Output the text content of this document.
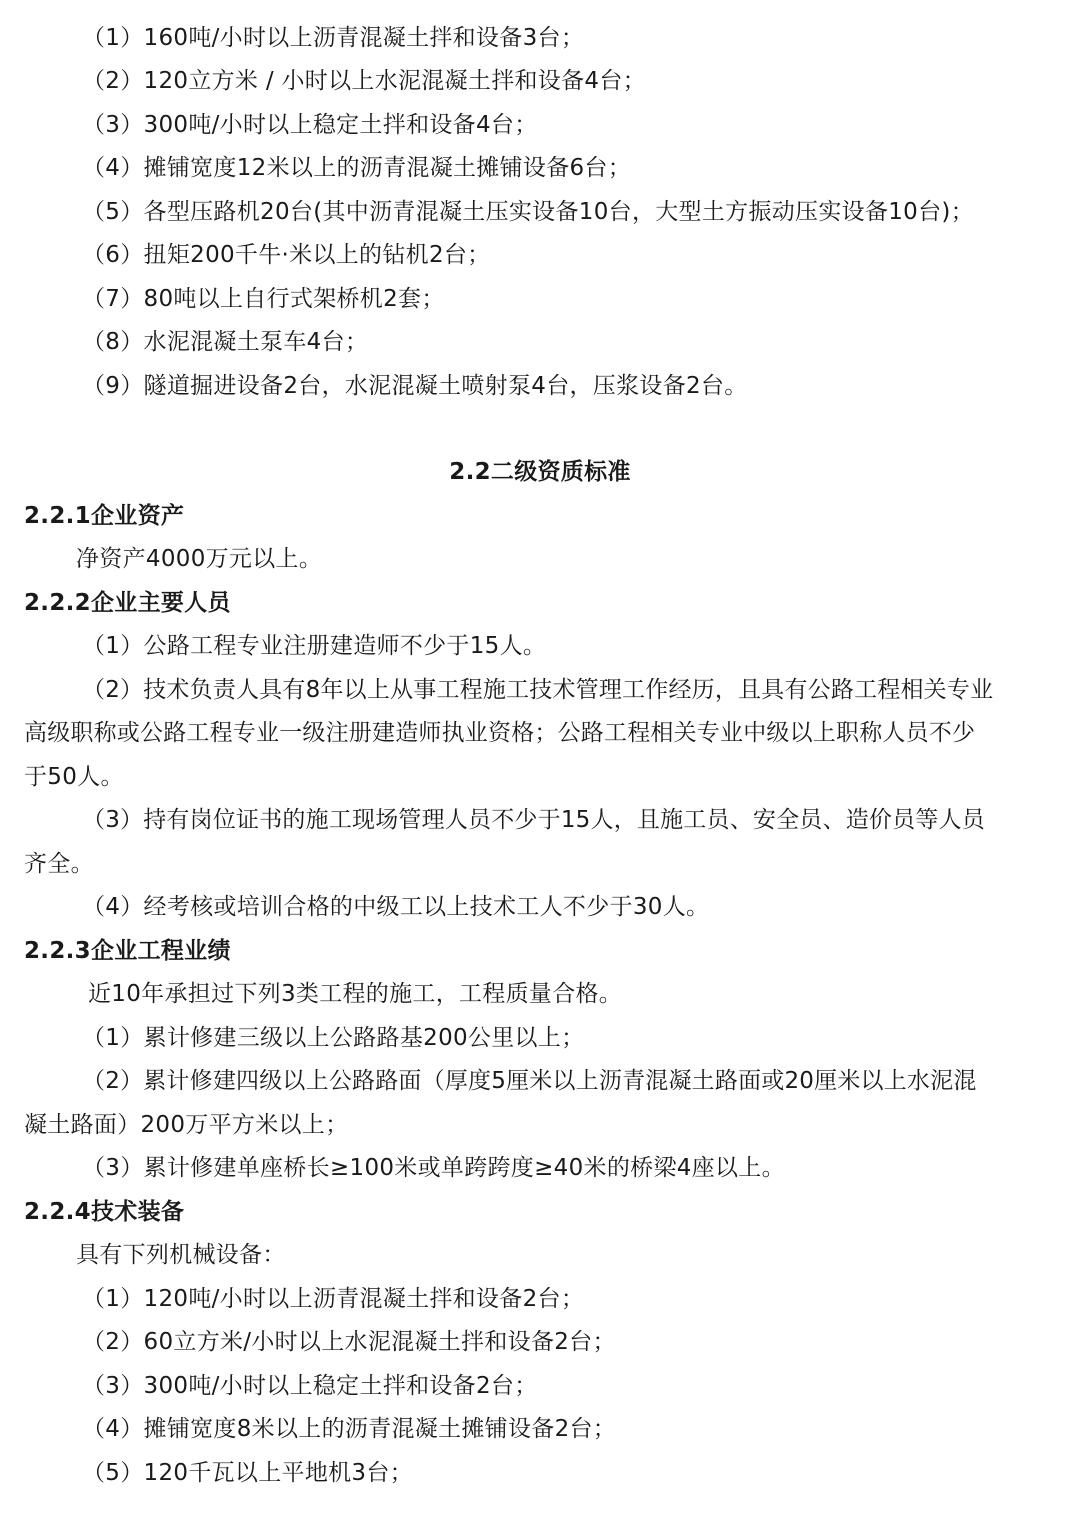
（1）160吨/小时以上沥青混凝土拌和设备3台；
（2）120立方米 / 小时以上水泥混凝土拌和设备4台；
（3）300吨/小时以上稳定土拌和设备4台；
（4）摊铺宽度12米以上的沥青混凝土摊铺设备6台；
（5）各型压路机20台(其中沥青混凝土压实设备10台，大型土方振动压实设备10台)；
（6）扭矩200千牛·米以上的钻机2台；
（7）80吨以上自行式架桥机2套；
（8）水泥混凝土泵车4台；
（9）隧道掘进设备2台，水泥混凝土喷射泵4台，压浆设备2台。
2.2二级资质标准
2.2.1企业资产
净资产4000万元以上。
2.2.2企业主要人员
（1）公路工程专业注册建造师不少于15人。
（2）技术负责人具有8年以上从事工程施工技术管理工作经历，且具有公路工程相关专业
高级职称或公路工程专业一级注册建造师执业资格；公路工程相关专业中级以上职称人员不少
于50人。
（3）持有岗位证书的施工现场管理人员不少于15人，且施工员、安全员、造价员等人员
齐全。
（4）经考核或培训合格的中级工以上技术工人不少于30人。
2.2.3企业工程业绩
近10年承担过下列3类工程的施工，工程质量合格。
（1）累计修建三级以上公路路基200公里以上；
（2）累计修建四级以上公路路面（厚度5厘米以上沥青混凝土路面或20厘米以上水泥混
凝土路面）200万平方米以上；
（3）累计修建单座桥长≥100米或单跨跨度≥40米的桥梁4座以上。
2.2.4技术装备
具有下列机械设备：
（1）120吨/小时以上沥青混凝土拌和设备2台；
（2）60立方米/小时以上水泥混凝土拌和设备2台；
（3）300吨/小时以上稳定土拌和设备2台；
（4）摊铺宽度8米以上的沥青混凝土摊铺设备2台；
（5）120千瓦以上平地机3台；
